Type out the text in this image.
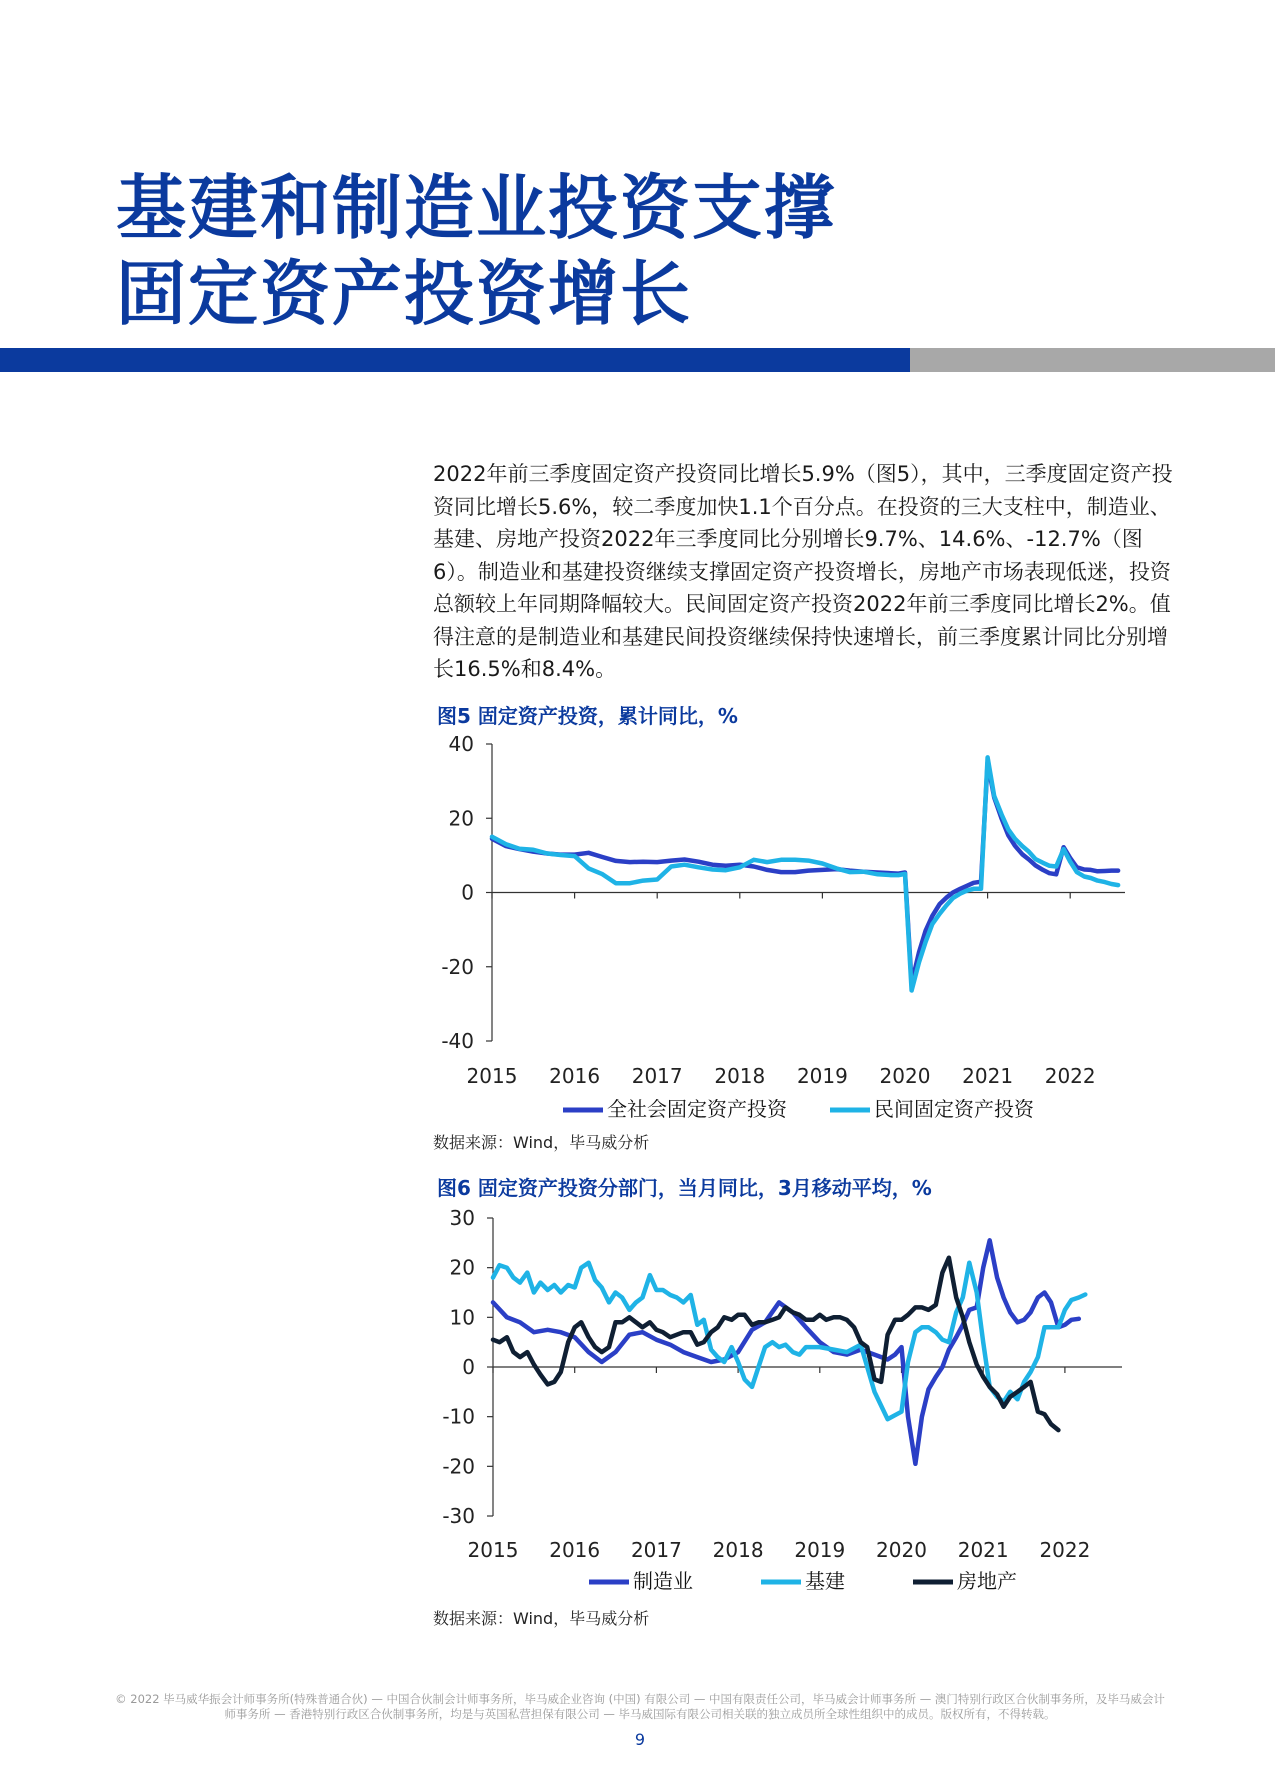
基建和制造业投资支撑
固定资产投资增长

2022年前三季度固定资产投资同比增长5.9%（图5），其中，三季度固定资产投资同比增长5.6%，较二季度加快1.1个百分点。在投资的三大支柱中，制造业、基建、房地产投资2022年三季度同比分别增长9.7%、14.6%、-12.7%（图6）。制造业和基建投资继续支撑固定资产投资增长，房地产市场表现低迷，投资总额较上年同期降幅较大。民间固定资产投资2022年前三季度同比增长2%。值得注意的是制造业和基建民间投资继续保持快速增长，前三季度累计同比分别增长16.5%和8.4%。

图5 固定资产投资，累计同比，%

40
20
0
-20
-40
2015 2016 2017 2018 2019 2020 2021 2022
全社会固定资产投资	民间固定资产投资

数据来源：Wind，毕马威分析

图6 固定资产投资分部门，当月同比，3月移动平均，%

30
20
10
0
-10
-20
-30
2015 2016 2017 2018 2019 2020 2021 2022
制造业	基建	房地产

数据来源：Wind，毕马威分析

© 2022 毕马威华振会计师事务所(特殊普通合伙) — 中国合伙制会计师事务所，毕马威企业咨询 (中国) 有限公司 — 中国有限责任公司，毕马威会计师事务所 — 澳门特别行政区合伙制事务所，及毕马威会计师事务所 — 香港特别行政区合伙制事务所，均是与英国私营担保有限公司 — 毕马威国际有限公司相关联的独立成员所全球性组织中的成员。版权所有，不得转载。

9
